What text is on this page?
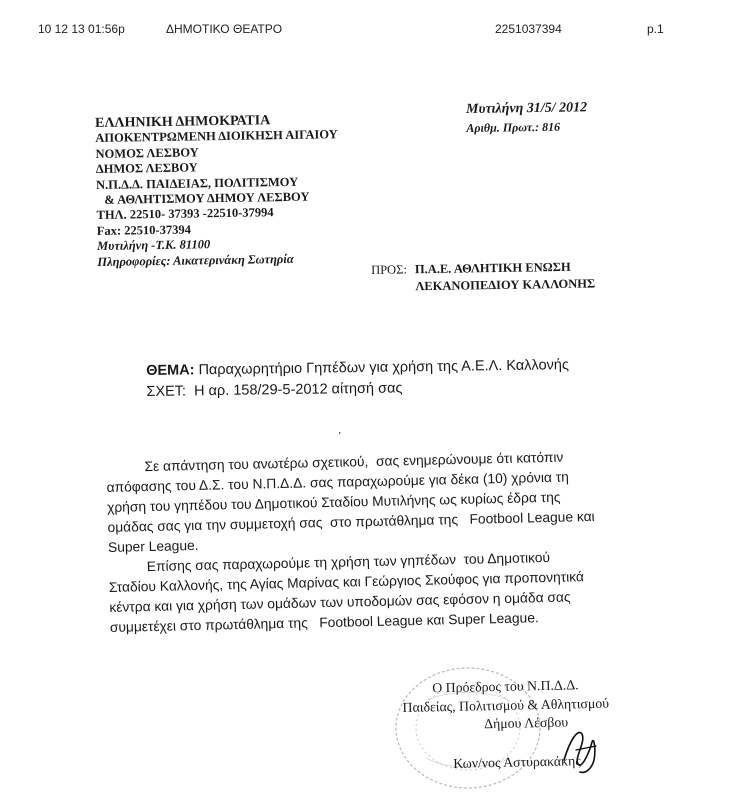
10 12 13 01:56p	ΔΗΜΟΤΙΚΟ ΘΕΑΤΡΟ	2251037394	p.1
ΕΛΛΗΝΙΚΗ ΔΗΜΟΚΡΑΤΙΑ
ΑΠΟΚΕΝΤΡΩΜΕΝΗ ΔΙΟΙΚΗΣΗ ΑΙΓΑΙΟΥ
ΝΟΜΟΣ ΛΕΣΒΟΥ
ΔΗΜΟΣ ΛΕΣΒΟΥ
Ν.Π.Δ.Δ. ΠΑΙΔΕΙΑΣ, ΠΟΛΙΤΙΣΜΟΥ
& ΑΘΛΗΤΙΣΜΟΥ ΔΗΜΟΥ ΛΕΣΒΟΥ
ΤΗΛ. 22510- 37393 -22510-37994
Fax: 22510-37394
Μυτιλήνη -Τ.Κ. 81100
Πληροφορίες: Αικατερινάκη Σωτηρία
Μυτιλήνη 31/5/ 2012
Αριθμ. Πρωτ.: 816
ΠΡΟΣ: Π.Α.Ε. ΑΘΛΗΤΙΚΗ ΕΝΩΣΗ
ΛΕΚΑΝΟΠΕΔΙΟΥ ΚΑΛΛΟΝΗΣ
ΘΕΜΑ: Παραχωρητήριο Γηπέδων για χρήση της Α.Ε.Λ. Καλλονής
ΣΧΕΤ: Η αρ. 158/29-5-2012 αίτησή σας
ʼ
Σε απάντηση του ανωτέρω σχετικού,  σας ενημερώνουμε ότι κατόπιν
απόφασης του Δ.Σ. του Ν.Π.Δ.Δ. σας παραχωρούμε για δέκα (10) χρόνια τη
χρήση του γηπέδου του Δημοτικού Σταδίου Μυτιλήνης ως κυρίως έδρα της
ομάδας σας για την συμμετοχή σας  στο πρωτάθλημα της   Footbool League και
Super League.
Επίσης σας παραχωρούμε τη χρήση των γηπέδων  του Δημοτικού
Σταδίου Καλλονής, της Αγίας Μαρίνας και Γεώργιος Σκούφος για προπονητικά
κέντρα και για χρήση των ομάδων των υποδομών σας εφόσον η ομάδα σας
συμμετέχει στο πρωτάθλημα της   Footbool League και Super League.
Ο Πρόεδρος του Ν.Π.Δ.Δ.
Παιδείας, Πολιτισμού & Αθλητισμού
Δήμου Λέσβου
Κων/νος Αστυρακάκης
